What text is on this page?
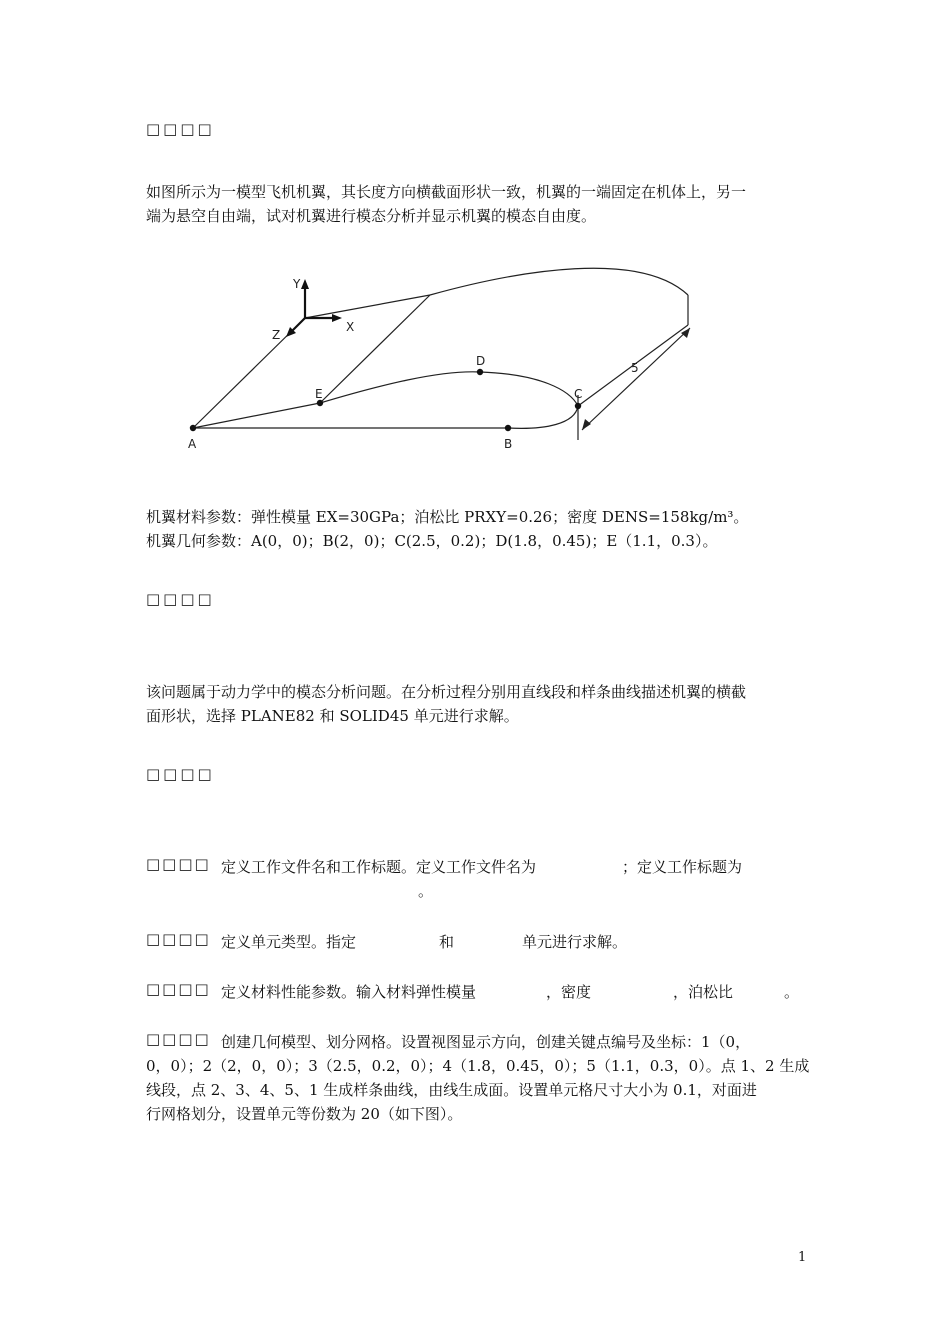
□□□□
如图所示为一模型飞机机翼，其长度方向横截面形状一致，机翼的一端固定在机体上，另一
端为悬空自由端，试对机翼进行模态分析并显示机翼的模态自由度。
Y
X
Z
A	B
C
D
E
5
机翼材料参数：弹性模量 EX=30GPa；泊松比 PRXY=0.26；密度 DENS=158kg/m³。
机翼几何参数：A(0，0)；B(2，0)；C(2.5，0.2)；D(1.8，0.45)；E（1.1，0.3）。
□□□□
该问题属于动力学中的模态分析问题。在分析过程分别用直线段和样条曲线描述机翼的横截
面形状，选择 PLANE82 和 SOLID45 单元进行求解。
□□□□
□□□□ 定义工作文件名和工作标题。定义工作文件名为	；定义工作标题为
。
□□□□ 定义单元类型。指定	和	单元进行求解。
□□□□ 定义材料性能参数。输入材料弹性模量	，密度	，泊松比	。
□□□□ 创建几何模型、划分网格。设置视图显示方向，创建关键点编号及坐标：1（0，
0，0）；2（2，0，0）；3（2.5，0.2，0）；4（1.8，0.45，0）；5（1.1，0.3，0）。点 1、2 生成
线段，点 2、3、4、5、1 生成样条曲线，由线生成面。设置单元格尺寸大小为 0.1，对面进
行网格划分，设置单元等份数为 20（如下图）。
1
